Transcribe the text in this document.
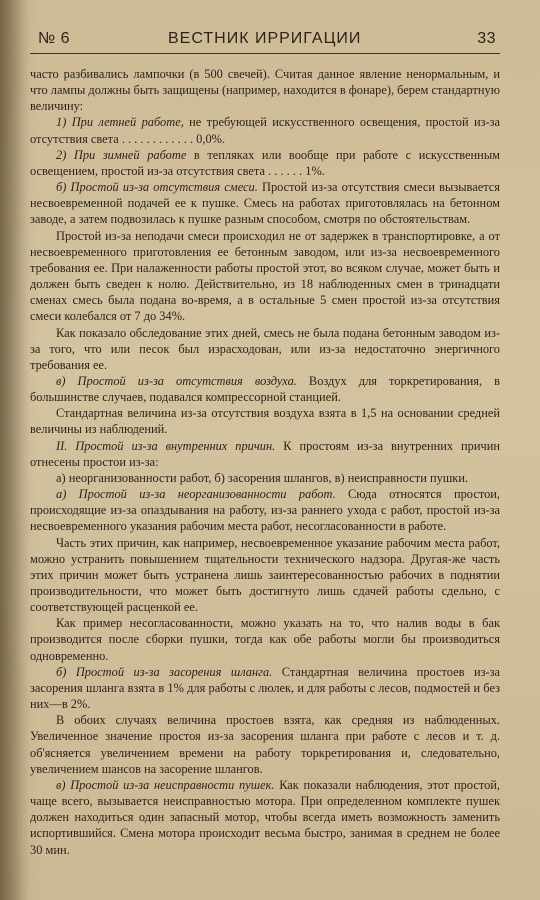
№ 6	ВЕСТНИК ИРРИГАЦИИ	33

часто разбивались лампочки (в 500 свечей). Считая данное явление ненормальным, и что лампы должны быть защищены (например, находится в фонаре), берем стандартную величину:

1) При летней работе, не требующей искусственного освещения, простой из-за отсутствия света . . . . . . . . . . . . 0,0%.

2) При зимней работе в тепляках или вообще при работе с искусственным освещением, простой из-за отсутствия света . . . . . . 1%.

б) Простой из-за отсутствия смеси. Простой из-за отсутствия смеси вызывается несвоевременной подачей ее к пушке. Смесь на работах приготовлялась на бетонном заводе, а затем подвозилась к пушке разным способом, смотря по обстоятельствам.

Простой из-за неподачи смеси происходил не от задержек в транспортировке, а от несвоевременного приготовления ее бетонным заводом, или из-за несвоевременного требования ее. При налаженности работы простой этот, во всяком случае, может быть и должен быть сведен к нолю. Действительно, из 18 наблюденных смен в тринадцати сменах смесь была подана во-время, а в остальные 5 смен простой из-за отсутствия смеси колебался от 7 до 34%.

Как показало обследование этих дней, смесь не была подана бетонным заводом из-за того, что или песок был израсходован, или из-за недостаточно энергичного требования ее.

в) Простой из-за отсутствия воздуха. Воздух для торкретирования, в большинстве случаев, подавался компрессорной станцией.

Стандартная величина из-за отсутствия воздуха взята в 1,5 на основании средней величины из наблюдений.

II. Простой из-за внутренних причин. К простоям из-за внутренних причин отнесены простои из-за:

а) неорганизованности работ, б) засорения шлангов, в) неисправности пушки.

а) Простой из-за неорганизованности работ. Сюда относятся простои, происходящие из-за опаздывания на работу, из-за раннего ухода с работ, простой из-за несвоевременного указания рабочим места работ, несогласованности в работе.

Часть этих причин, как например, несвоевременное указание рабочим места работ, можно устранить повышением тщательности технического надзора. Другая-же часть этих причин может быть устранена лишь заинтересованностью рабочих в поднятии производительности, что может быть достигнуто лишь сдачей работы сдельно, с соответствующей расценкой ее.

Как пример несогласованности, можно указать на то, что налив воды в бак производится после сборки пушки, тогда как обе работы могли бы производиться одновременно.

б) Простой из-за засорения шланга. Стандартная величина простоев из-за засорения шланга взята в 1% для работы с люлек, и для работы с лесов, подмостей и без них—в 2%.

В обоих случаях величина простоев взята, как средняя из наблюденных. Увеличенное значение простоя из-за засорения шланга при работе с лесов и т. д. об'ясняется увеличением времени на работу торкретирования и, следовательно, увеличением шансов на засорение шлангов.

в) Простой из-за неисправности пушек. Как показали наблюдения, этот простой, чаще всего, вызывается неисправностью мотора. При определенном комплекте пушек должен находиться один запасный мотор, чтобы всегда иметь возможность заменить испортившийся. Смена мотора происходит весьма быстро, занимая в среднем не более 30 мин.
